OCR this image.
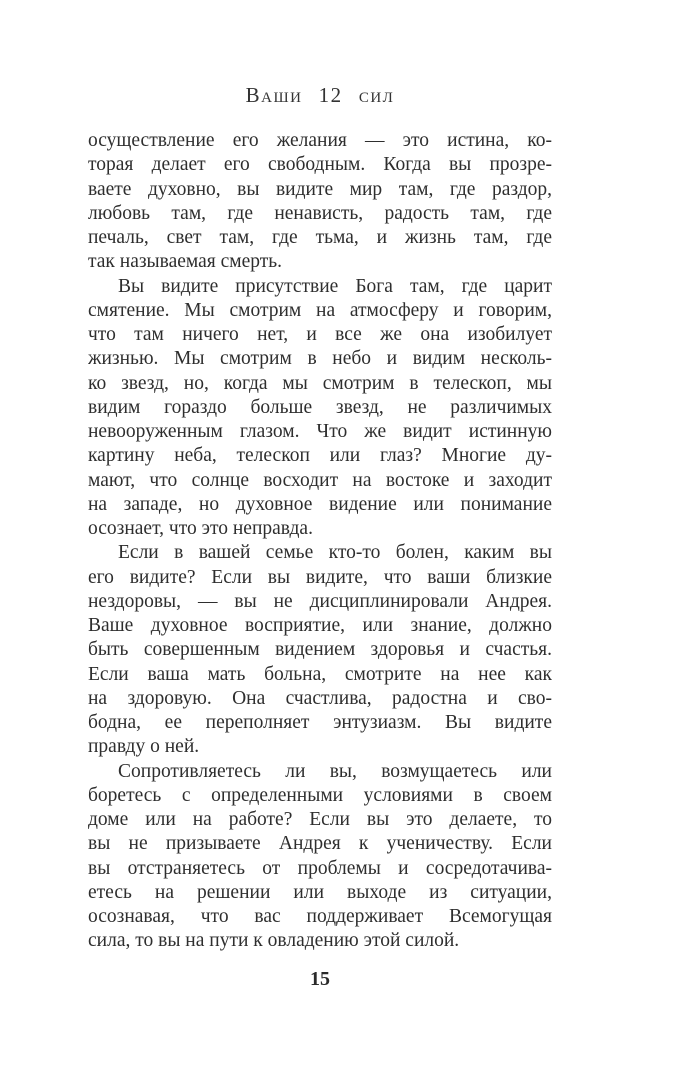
Ваши 12 сил
осуществление его желания — это истина, ко-
торая делает его свободным. Когда вы прозре-
ваете духовно, вы видите мир там, где раздор,
любовь там, где ненависть, радость там, где
печаль, свет там, где тьма, и жизнь там, где
так называемая смерть.
Вы видите присутствие Бога там, где царит
смятение. Мы смотрим на атмосферу и говорим,
что там ничего нет, и все же она изобилует
жизнью. Мы смотрим в небо и видим несколь-
ко звезд, но, когда мы смотрим в телескоп, мы
видим гораздо больше звезд, не различимых
невооруженным глазом. Что же видит истинную
картину неба, телескоп или глаз? Многие ду-
мают, что солнце восходит на востоке и заходит
на западе, но духовное видение или понимание
осознает, что это неправда.
Если в вашей семье кто-то болен, каким вы
его видите? Если вы видите, что ваши близкие
нездоровы, — вы не дисциплинировали Андрея.
Ваше духовное восприятие, или знание, должно
быть совершенным видением здоровья и счастья.
Если ваша мать больна, смотрите на нее как
на здоровую. Она счастлива, радостна и сво-
бодна, ее переполняет энтузиазм. Вы видите
правду о ней.
Сопротивляетесь ли вы, возмущаетесь или
боретесь с определенными условиями в своем
доме или на работе? Если вы это делаете, то
вы не призываете Андрея к ученичеству. Если
вы отстраняетесь от проблемы и сосредотачива-
етесь на решении или выходе из ситуации,
осознавая, что вас поддерживает Всемогущая
сила, то вы на пути к овладению этой силой.
15
